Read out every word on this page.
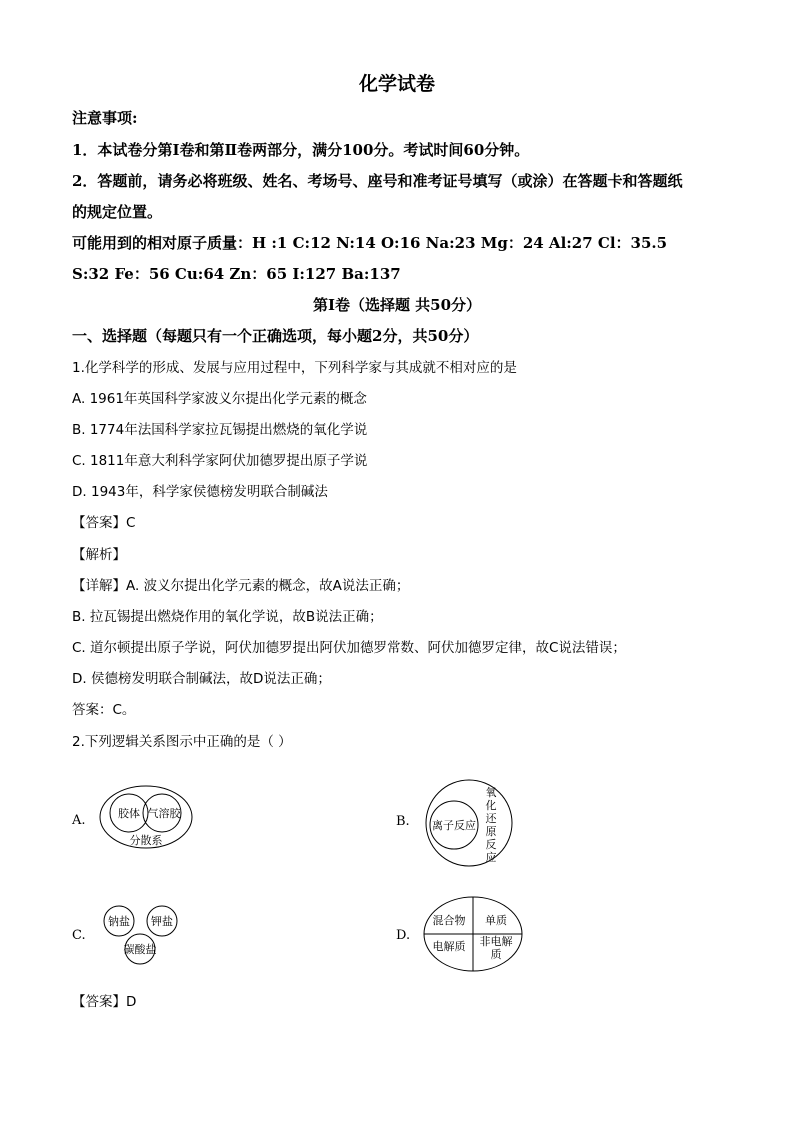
化学试卷
注意事项:
1．本试卷分第Ⅰ卷和第Ⅱ卷两部分，满分100分。考试时间60分钟。
2．答题前，请务必将班级、姓名、考场号、座号和准考证号填写（或涂）在答题卡和答题纸
的规定位置。
可能用到的相对原子质量：H :1 C:12 N:14 O:16 Na:23 Mg：24 Al:27 Cl：35.5
S:32 Fe：56 Cu:64 Zn：65 I:127 Ba:137
第Ⅰ卷（选择题 共50分）
一、选择题（每题只有一个正确选项，每小题2分，共50分）
1.化学科学的形成、发展与应用过程中，下列科学家与其成就不相对应的是
A. 1961年英国科学家波义尔提出化学元素的概念
B. 1774年法国科学家拉瓦锡提出燃烧的氧化学说
C. 1811年意大利科学家阿伏加德罗提出原子学说
D. 1943年，科学家侯德榜发明联合制碱法
【答案】C
【解析】
【详解】A. 波义尔提出化学元素的概念，故A说法正确；
B. 拉瓦锡提出燃烧作用的氧化学说，故B说法正确；
C. 道尔顿提出原子学说，阿伏加德罗提出阿伏加德罗常数、阿伏加德罗定律，故C说法错误；
D. 侯德榜发明联合制碱法，故D说法正确；
答案：C。
2.下列逻辑关系图示中正确的是（ ）
A.	胶体 气溶胶
分散系
B. 离子反应
氧化还原反应
C.
钠盐 钾盐
碳酸盐
D.
混合物 单质
电解质 非电解质
【答案】D
